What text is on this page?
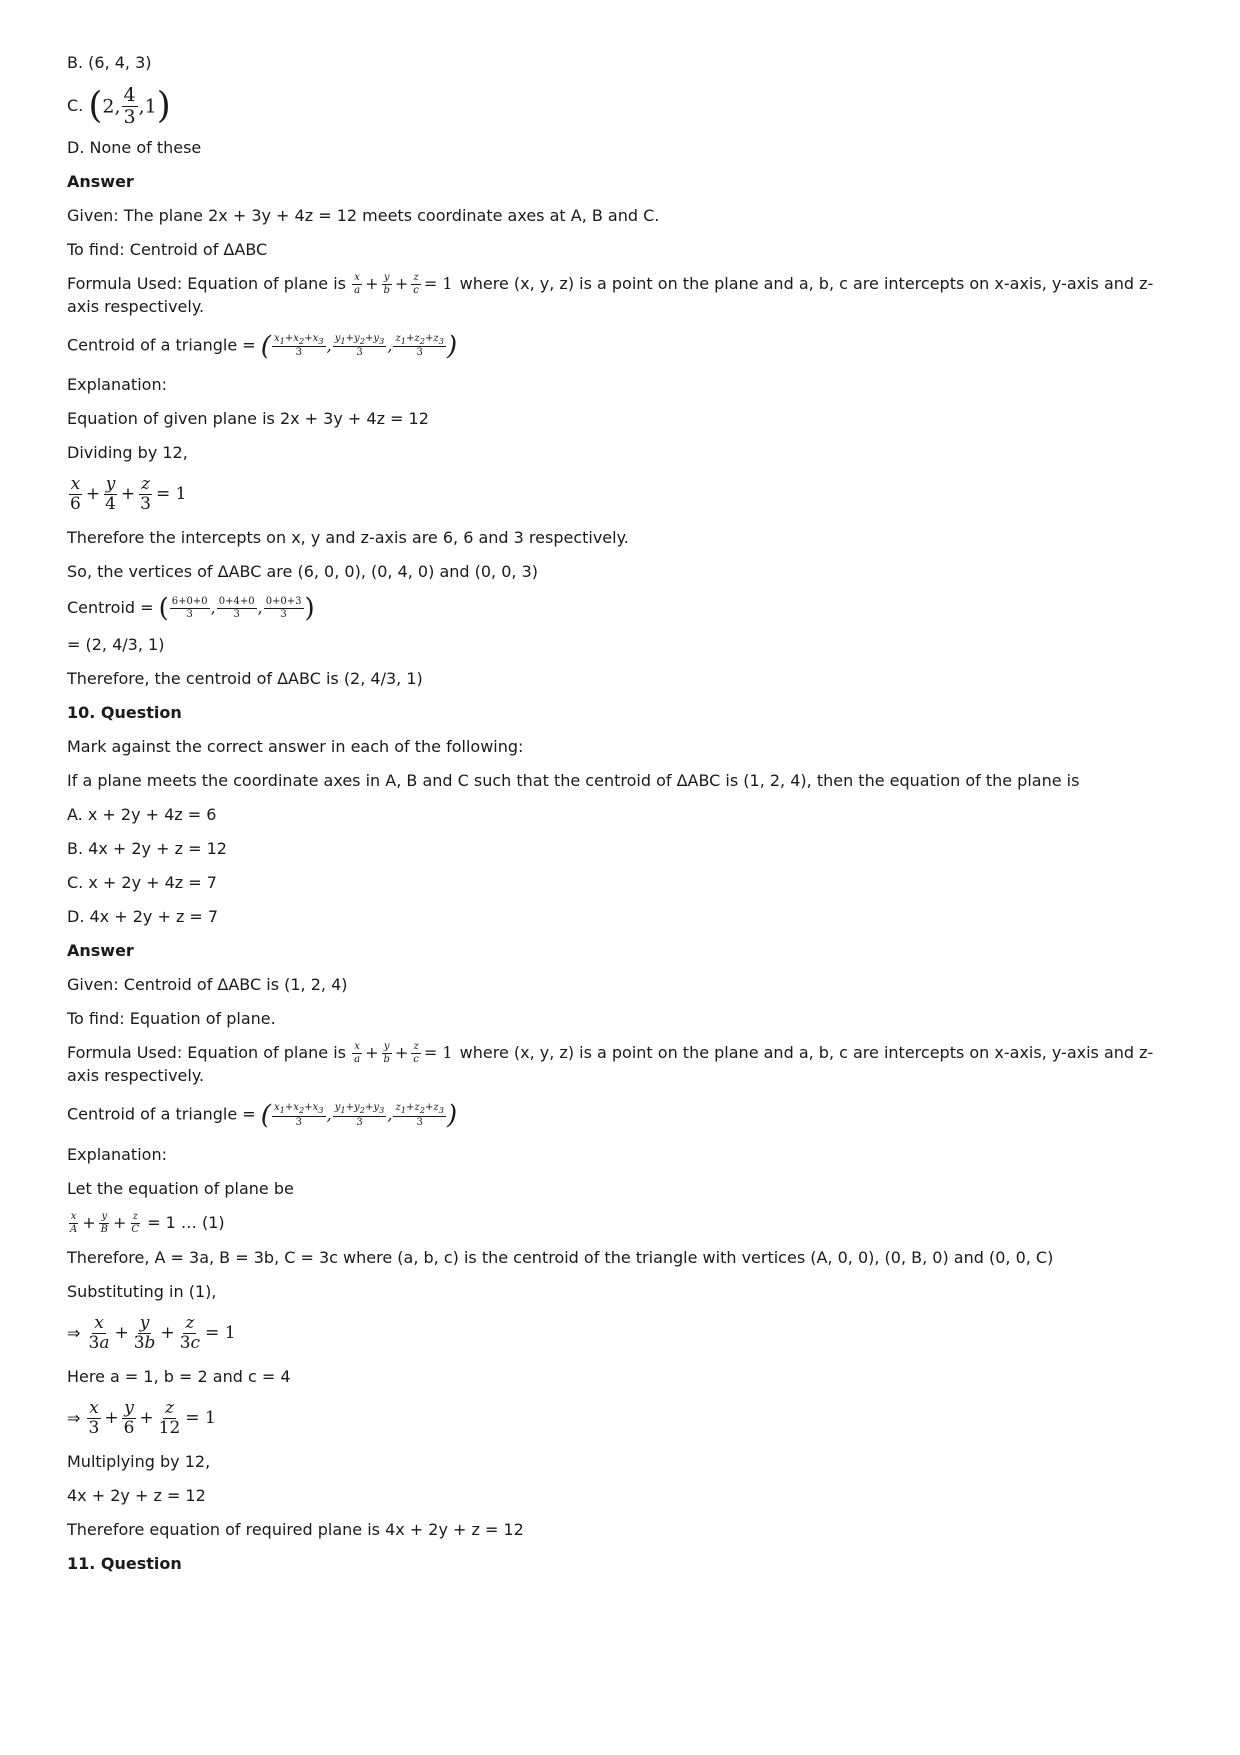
B. (6, 4, 3)

C. (2, $\frac{4}{3} ,1$)

D. None of these

Answer

Given: The plane 2x + 3y + 4z = 12 meets coordinate axes at A, B and C.

To find: Centroid of ΔABC

Formula Used: Equation of plane is $\frac{x}{a} + \frac{y}{b} + \frac{z}{c} = 1$ where (x, y, z) is a point on the plane and a, b, c are intercepts on x-axis, y-axis and z-axis respectively.

Centroid of a triangle = ( $\frac{x_1+x_2+x_3}{3}$ , $\frac{y_1+y_2+y_3}{3}$ , $\frac{z_1+z_2+z_3}{3}$ )

Explanation:

Equation of given plane is 2x + 3y + 4z = 12

Dividing by 12,

$\frac{x}{6} + \frac{y}{4} + \frac{z}{3} = 1$

Therefore the intercepts on x, y and z-axis are 6, 6 and 3 respectively.

So, the vertices of ΔABC are (6, 0, 0), (0, 4, 0) and (0, 0, 3)

Centroid = ( $\frac{6+0+0}{3}$ , $\frac{0+4+0}{3}$ , $\frac{0+0+3}{3}$ )

= (2, 4/3, 1)

Therefore, the centroid of ΔABC is (2, 4/3, 1)

10. Question

Mark against the correct answer in each of the following:

If a plane meets the coordinate axes in A, B and C such that the centroid of ΔABC is (1, 2, 4), then the equation of the plane is

A. x + 2y + 4z = 6

B. 4x + 2y + z = 12

C. x + 2y + 4z = 7

D. 4x + 2y + z = 7

Answer

Given: Centroid of ΔABC is (1, 2, 4)

To find: Equation of plane.

Formula Used: Equation of plane is $\frac{x}{a} + \frac{y}{b} + \frac{z}{c} = 1$ where (x, y, z) is a point on the plane and a, b, c are intercepts on x-axis, y-axis and z-axis respectively.

Centroid of a triangle = ( $\frac{x_1+x_2+x_3}{3}$ , $\frac{y_1+y_2+y_3}{3}$ , $\frac{z_1+z_2+z_3}{3}$ )

Explanation:

Let the equation of plane be

$\frac{x}{A} + \frac{y}{B} + \frac{z}{C} = 1$ … (1)

Therefore, A = 3a, B = 3b, C = 3c where (a, b, c) is the centroid of the triangle with vertices (A, 0, 0), (0, B, 0) and (0, 0, C)

Substituting in (1),

⇒ $\frac{x}{3a} + \frac{y}{3b} + \frac{z}{3c} = 1$

Here a = 1, b = 2 and c = 4

⇒ $\frac{x}{3} + \frac{y}{6} + \frac{z}{12} = 1$

Multiplying by 12,

4x + 2y + z = 12

Therefore equation of required plane is 4x + 2y + z = 12

11. Question
